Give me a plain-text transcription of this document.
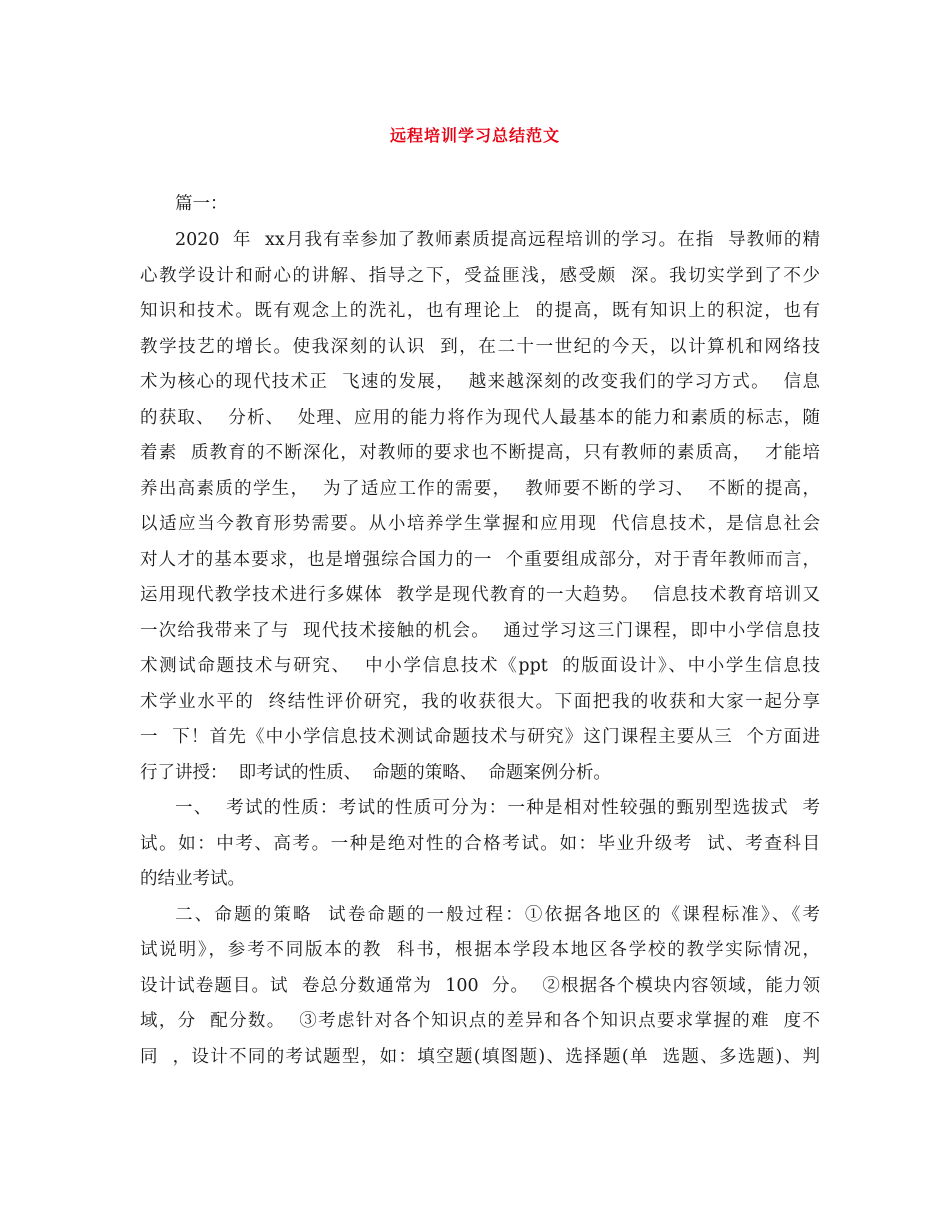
远程培训学习总结范文
篇一：
2020  年  xx月我有幸参加了教师素质提高远程培训的学习。在指  导教师的精
心教学设计和耐心的讲解、指导之下，受益匪浅，感受颇  深。我切实学到了不少
知识和技术。既有观念上的洗礼，也有理论上  的提高，既有知识上的积淀，也有
教学技艺的增长。使我深刻的认识  到，在二十一世纪的今天，以计算机和网络技
术为核心的现代技术正  飞速的发展，  越来越深刻的改变我们的学习方式。  信息
的获取、  分析、  处理、应用的能力将作为现代人最基本的能力和素质的标志，随
着素  质教育的不断深化，对教师的要求也不断提高，只有教师的素质高，  才能培
养出高素质的学生，  为了适应工作的需要，  教师要不断的学习、  不断的提高，
以适应当今教育形势需要。从小培养学生掌握和应用现  代信息技术，是信息社会
对人才的基本要求，也是增强综合国力的一  个重要组成部分，对于青年教师而言，
运用现代教学技术进行多媒体  教学是现代教育的一大趋势。  信息技术教育培训又
一次给我带来了与  现代技术接触的机会。  通过学习这三门课程，即中小学信息技
术测试命题技术与研究、  中小学信息技术《ppt  的版面设计》、中小学生信息技
术学业水平的  终结性评价研究，我的收获很大。下面把我的收获和大家一起分享
一  下！首先《中小学信息技术测试命题技术与研究》这门课程主要从三  个方面进
行了讲授：  即考试的性质、  命题的策略、  命题案例分析。
一、  考试的性质：考试的性质可分为：一种是相对性较强的甄别型选拔式  考
试。如：中考、高考。一种是绝对性的合格考试。如：毕业升级考  试、考查科目
的结业考试。
二、命题的策略  试卷命题的一般过程：①依据各地区的《课程标准》、《考
试说明》，参考不同版本的教  科书，根据本学段本地区各学校的教学实际情况，
设计试卷题目。试  卷总分数通常为  100  分。  ②根据各个模块内容领域，能力领
域，分  配分数。  ③考虑针对各个知识点的差异和各个知识点要求掌握的难  度不
同  ，设计不同的考试题型，如：填空题(填图题)、选择题(单  选题、多选题)、判
